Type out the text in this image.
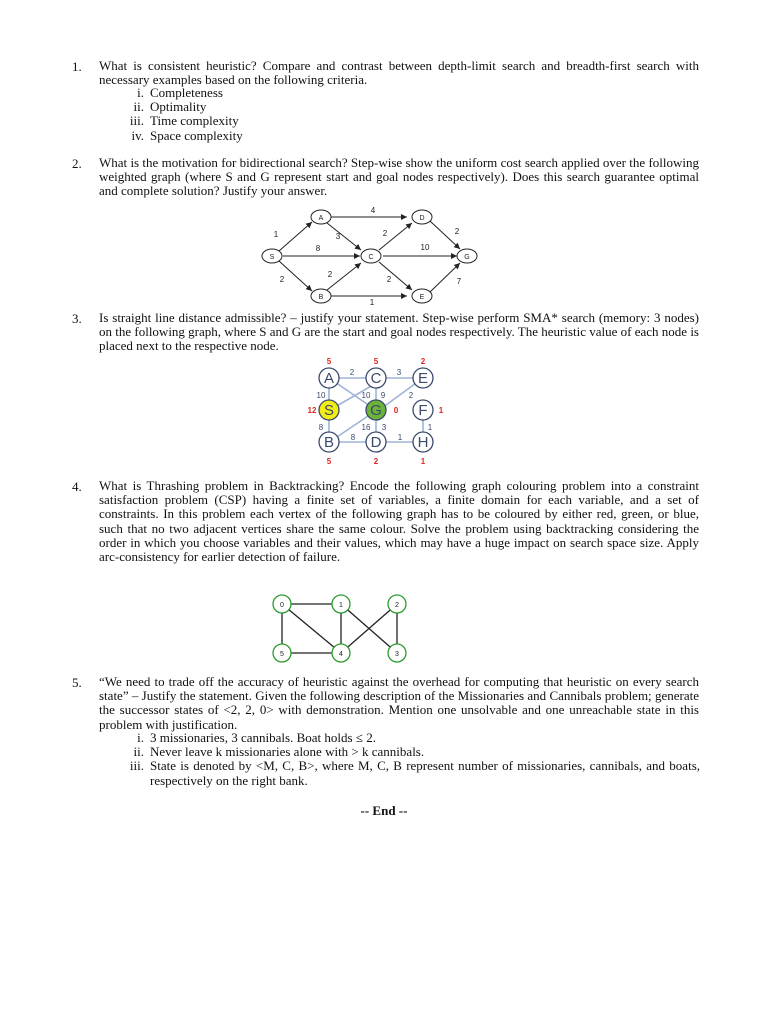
1. What is consistent heuristic? Compare and contrast between depth-limit search and breadth-first search with necessary examples based on the following criteria.
i. Completeness
ii. Optimality
iii. Time complexity
iv. Space complexity
2. What is the motivation for bidirectional search? Step-wise show the uniform cost search applied over the following weighted graph (where S and G represent start and goal nodes respectively). Does this search guarantee optimal and complete solution? Justify your answer.
S
A
B
C
D
E
G
1
8
2
4
3
2
1
2
10
2
2
7
3. Is straight line distance admissible? – justify your statement. Step-wise perform SMA* search (memory: 3 nodes) on the following graph, where S and G are the start and goal nodes respectively. The heuristic value of each node is placed next to the respective node.
A C E
S G F
B D H
5	5	2
12	0	1
5	2	1
2	3
10	10 9	2
8	16 3	1
8	1
4. What is Thrashing problem in Backtracking? Encode the following graph colouring problem into a constraint satisfaction problem (CSP) having a finite set of variables, a finite domain for each variable, and a set of constraints. In this problem each vertex of the following graph has to be coloured by either red, green, or blue, such that no two adjacent vertices share the same colour. Solve the problem using backtracking considering the order in which you choose variables and their values, which may have a huge impact on search space size. Apply arc-consistency for earlier detection of failure.
0	1	2
5	4	3
5. “We need to trade off the accuracy of heuristic against the overhead for computing that heuristic on every search state” – Justify the statement. Given the following description of the Missionaries and Cannibals problem; generate the successor states of <2, 2, 0> with demonstration. Mention one unsolvable and one unreachable state in this problem with justification.
i. 3 missionaries, 3 cannibals. Boat holds ≤ 2.
ii. Never leave k missionaries alone with > k cannibals.
iii. State is denoted by <M, C, B>, where M, C, B represent number of missionaries, cannibals, and boats, respectively on the right bank.
-- End --
